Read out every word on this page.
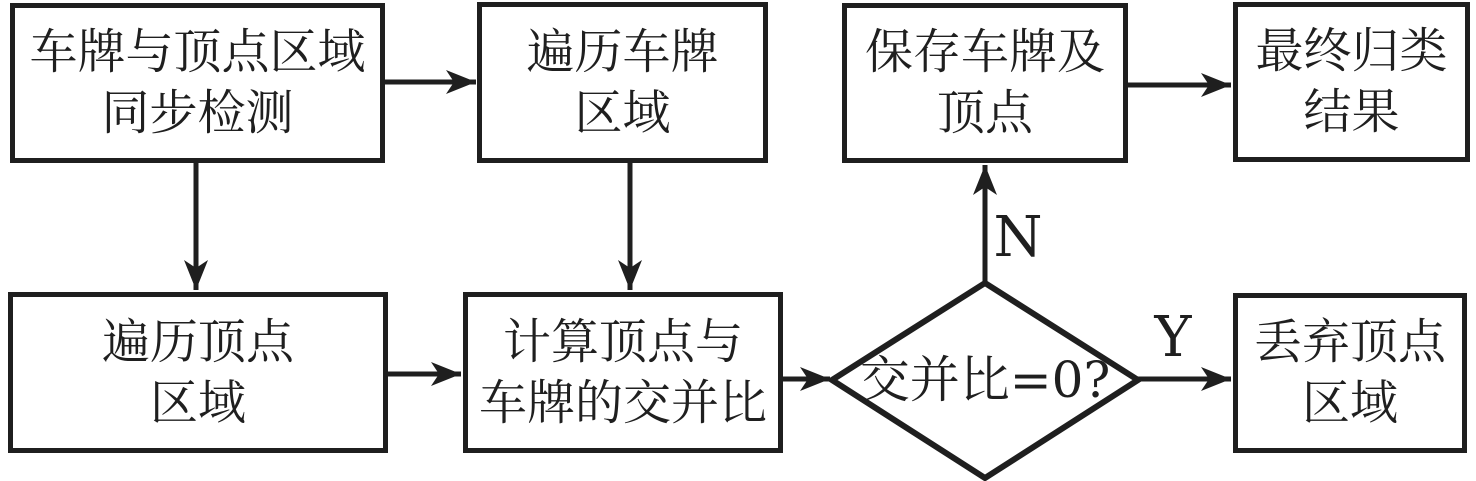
车牌与顶点区域
同步检测
遍历车牌
区域
保存车牌及
顶点
最终归类
结果
遍历顶点
区域
计算顶点与
车牌的交并比
丢弃顶点
区域
交并比=0?
N
Y
